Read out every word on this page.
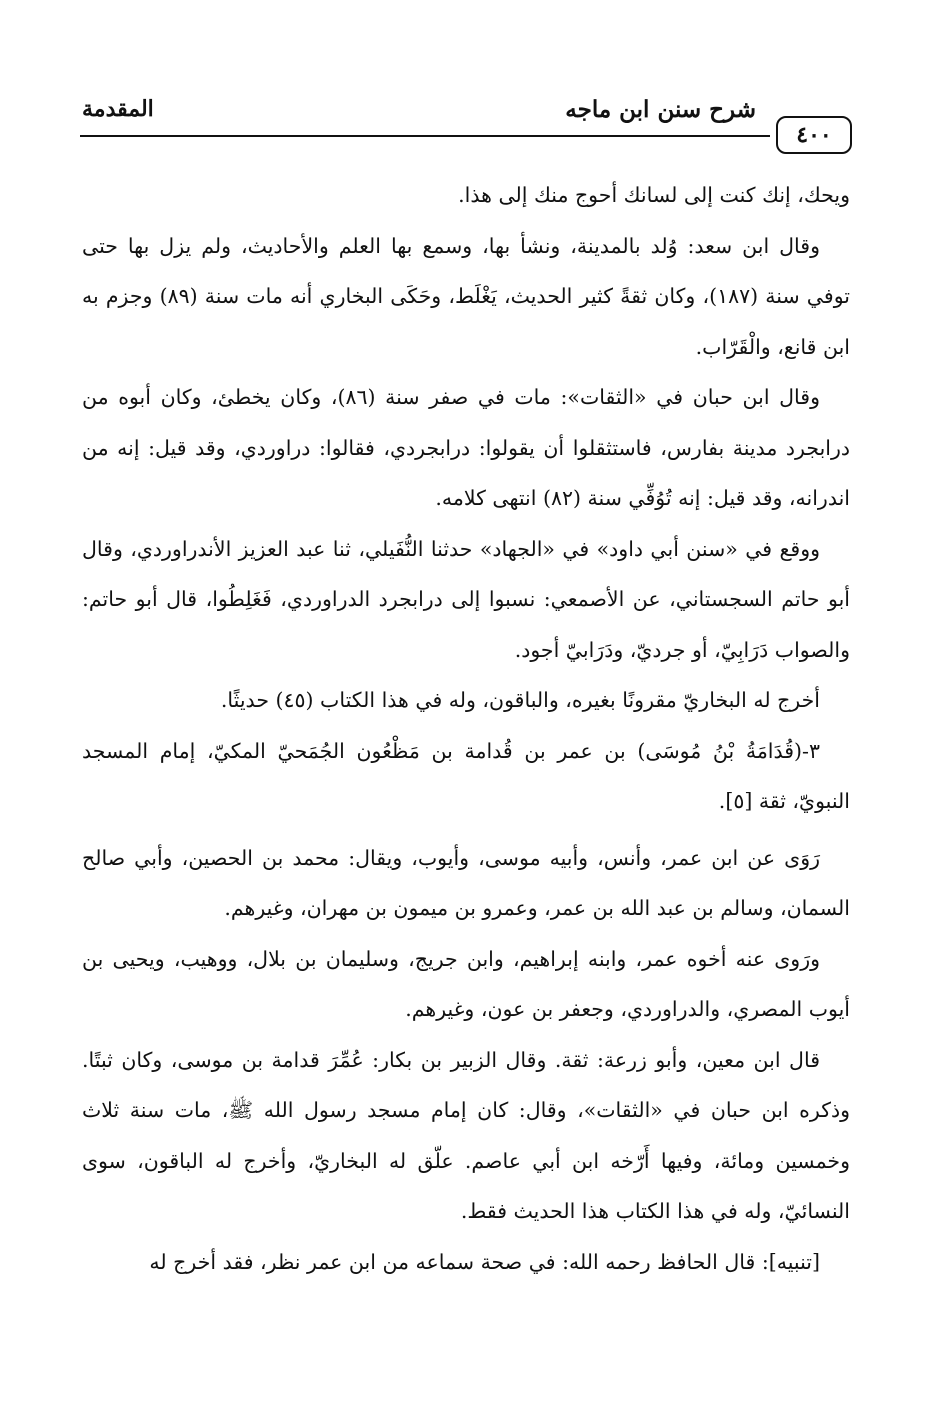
شرح سنن ابن ماجه
المقدمة
٤٠٠

ويحك، إنك كنت إلى لسانك أحوج منك إلى هذا.

وقال ابن سعد: وُلد بالمدينة، ونشأ بها، وسمع بها العلم والأحاديث، ولم يزل بها حتى توفي سنة (١٨٧)، وكان ثقةً كثير الحديث، يَغْلَط، وحَكَى البخاري أنه مات سنة (٨٩) وجزم به ابن قانع، والْقَرّاب.

وقال ابن حبان في «الثقات»: مات في صفر سنة (٨٦)، وكان يخطئ، وكان أبوه من درابجرد مدينة بفارس، فاستثقلوا أن يقولوا: درابجردي، فقالوا: دراوردي، وقد قيل: إنه من اندرانه، وقد قيل: إنه تُوُفِّي سنة (٨٢) انتهى كلامه.

ووقع في «سنن أبي داود» في «الجهاد» حدثنا النُّفَيلي، ثنا عبد العزيز الأندراوردي، وقال أبو حاتم السجستاني، عن الأصمعي: نسبوا إلى درابجرد الدراوردي، فَغَلِطُوا، قال أبو حاتم: والصواب دَرَابِيّ، أو جرديّ، ودَرَابيّ أجود.

أخرج له البخاريّ مقرونًا بغيره، والباقون، وله في هذا الكتاب (٤٥) حديثًا.

٣-(قُدَامَةُ بْنُ مُوسَى) بن عمر بن قُدامة بن مَظْعُون الجُمَحيّ المكيّ، إمام المسجد النبويّ، ثقة [٥].

رَوَى عن ابن عمر، وأنس، وأبيه موسى، وأيوب، ويقال: محمد بن الحصين، وأبي صالح السمان، وسالم بن عبد الله بن عمر، وعمرو بن ميمون بن مهران، وغيرهم.

ورَوى عنه أخوه عمر، وابنه إبراهيم، وابن جريج، وسليمان بن بلال، ووهيب، ويحيى بن أيوب المصري، والدراوردي، وجعفر بن عون، وغيرهم.

قال ابن معين، وأبو زرعة: ثقة. وقال الزبير بن بكار: عُمِّرَ قدامة بن موسى، وكان ثبتًا. وذكره ابن حبان في «الثقات»، وقال: كان إمام مسجد رسول الله ﷺ، مات سنة ثلاث وخمسين ومائة، وفيها أَرّخه ابن أبي عاصم. علّق له البخاريّ، وأخرج له الباقون، سوى النسائيّ، وله في هذا الكتاب هذا الحديث فقط.

[تنبيه]: قال الحافظ رحمه الله: في صحة سماعه من ابن عمر نظر، فقد أخرج له
